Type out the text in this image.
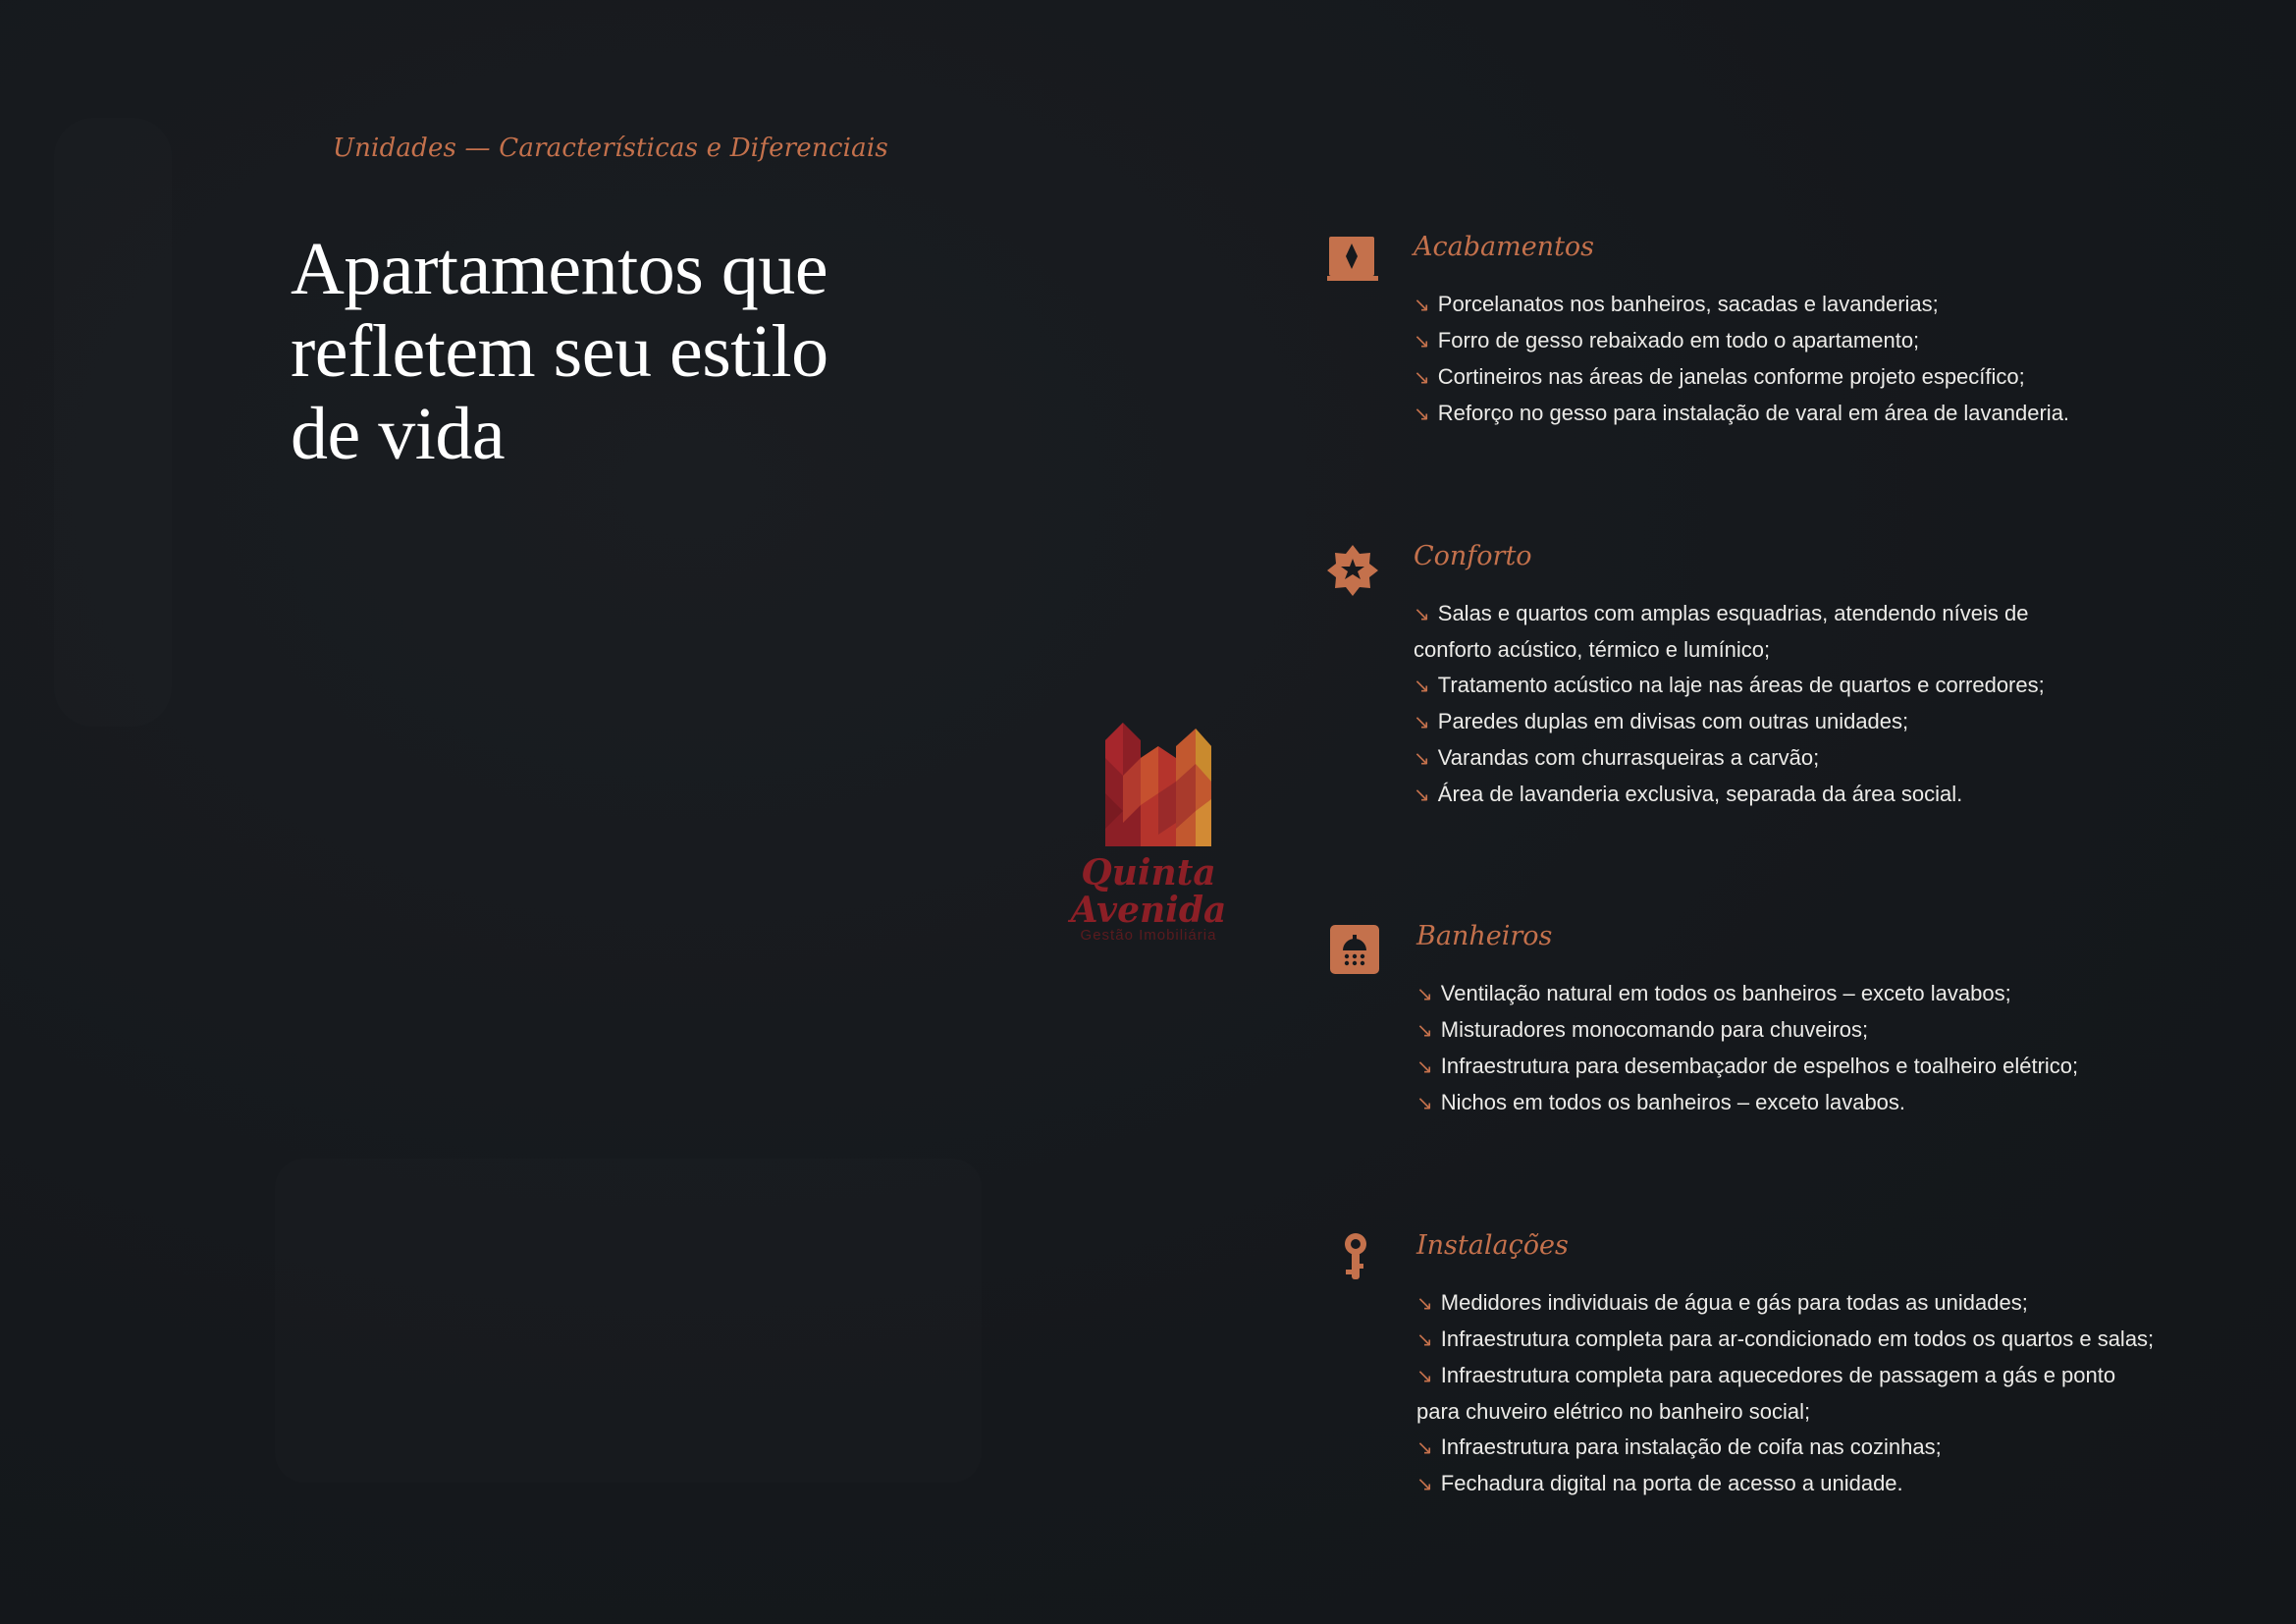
Unidades — Características e Diferenciais
Apartamentos que
refletem seu estilo
de vida
Quinta Avenida
Gestão Imobiliária
Acabamentos
↘ Porcelanatos nos banheiros, sacadas e lavanderias;
↘ Forro de gesso rebaixado em todo o apartamento;
↘ Cortineiros nas áreas de janelas conforme projeto específico;
↘ Reforço no gesso para instalação de varal em área de lavanderia.
Conforto
↘ Salas e quartos com amplas esquadrias, atendendo níveis de
conforto acústico, térmico e lumínico;
↘ Tratamento acústico na laje nas áreas de quartos e corredores;
↘ Paredes duplas em divisas com outras unidades;
↘ Varandas com churrasqueiras a carvão;
↘ Área de lavanderia exclusiva, separada da área social.
Banheiros
↘ Ventilação natural em todos os banheiros – exceto lavabos;
↘ Misturadores monocomando para chuveiros;
↘ Infraestrutura para desembaçador de espelhos e toalheiro elétrico;
↘ Nichos em todos os banheiros – exceto lavabos.
Instalações
↘ Medidores individuais de água e gás para todas as unidades;
↘ Infraestrutura completa para ar-condicionado em todos os quartos e salas;
↘ Infraestrutura completa para aquecedores de passagem a gás e ponto
para chuveiro elétrico no banheiro social;
↘ Infraestrutura para instalação de coifa nas cozinhas;
↘ Fechadura digital na porta de acesso a unidade.
